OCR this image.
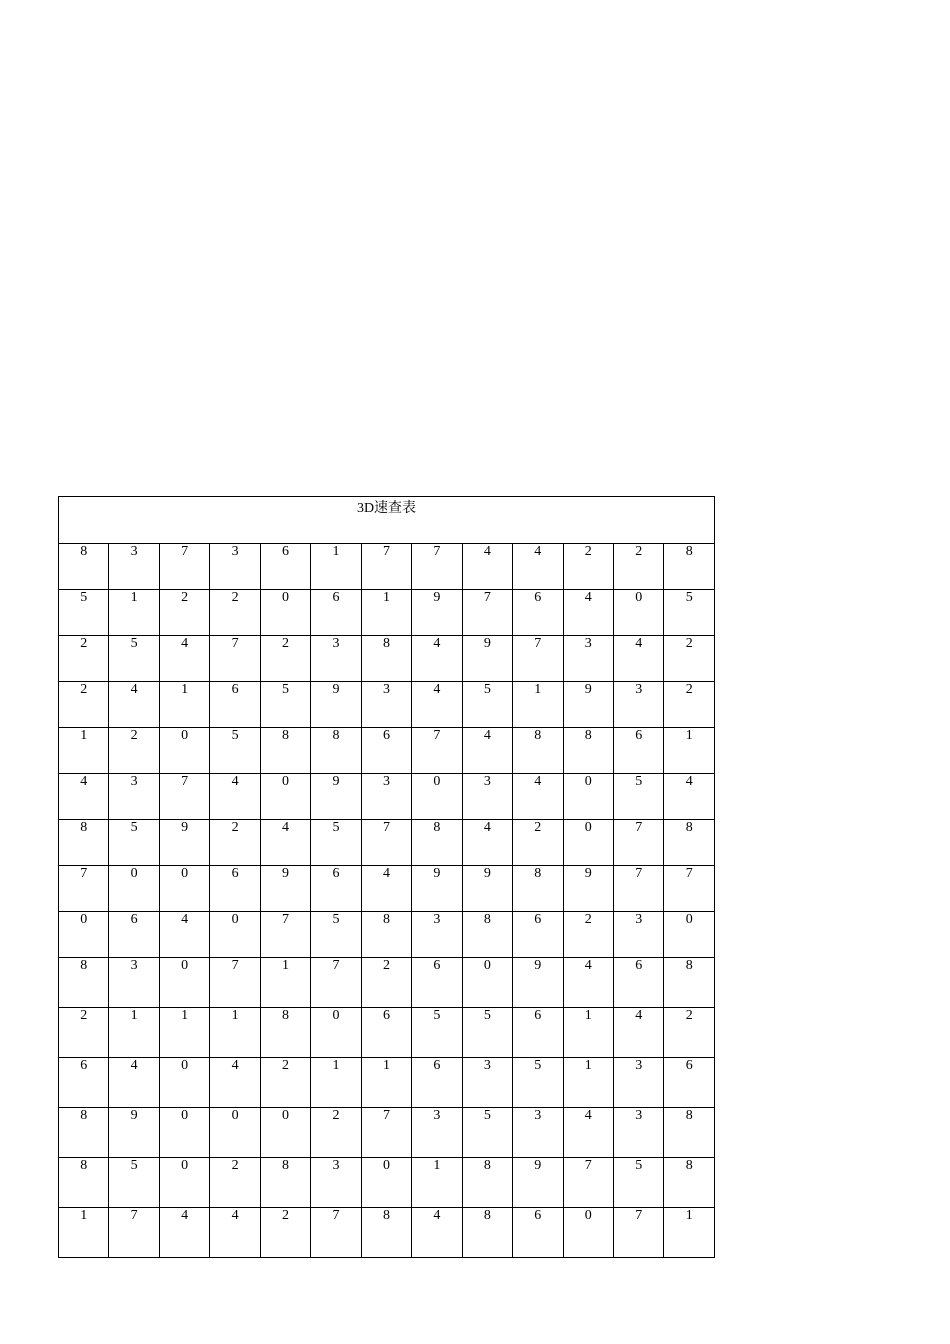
3D速查表												
8	3	7	3	6	1	7	7	4	4	2	2	8
5	1	2	2	0	6	1	9	7	6	4	0	5
2	5	4	7	2	3	8	4	9	7	3	4	2
2	4	1	6	5	9	3	4	5	1	9	3	2
1	2	0	5	8	8	6	7	4	8	8	6	1
4	3	7	4	0	9	3	0	3	4	0	5	4
8	5	9	2	4	5	7	8	4	2	0	7	8
7	0	0	6	9	6	4	9	9	8	9	7	7
0	6	4	0	7	5	8	3	8	6	2	3	0
8	3	0	7	1	7	2	6	0	9	4	6	8
2	1	1	1	8	0	6	5	5	6	1	4	2
6	4	0	4	2	1	1	6	3	5	1	3	6
8	9	0	0	0	2	7	3	5	3	4	3	8
8	5	0	2	8	3	0	1	8	9	7	5	8
1	7	4	4	2	7	8	4	8	6	0	7	1
